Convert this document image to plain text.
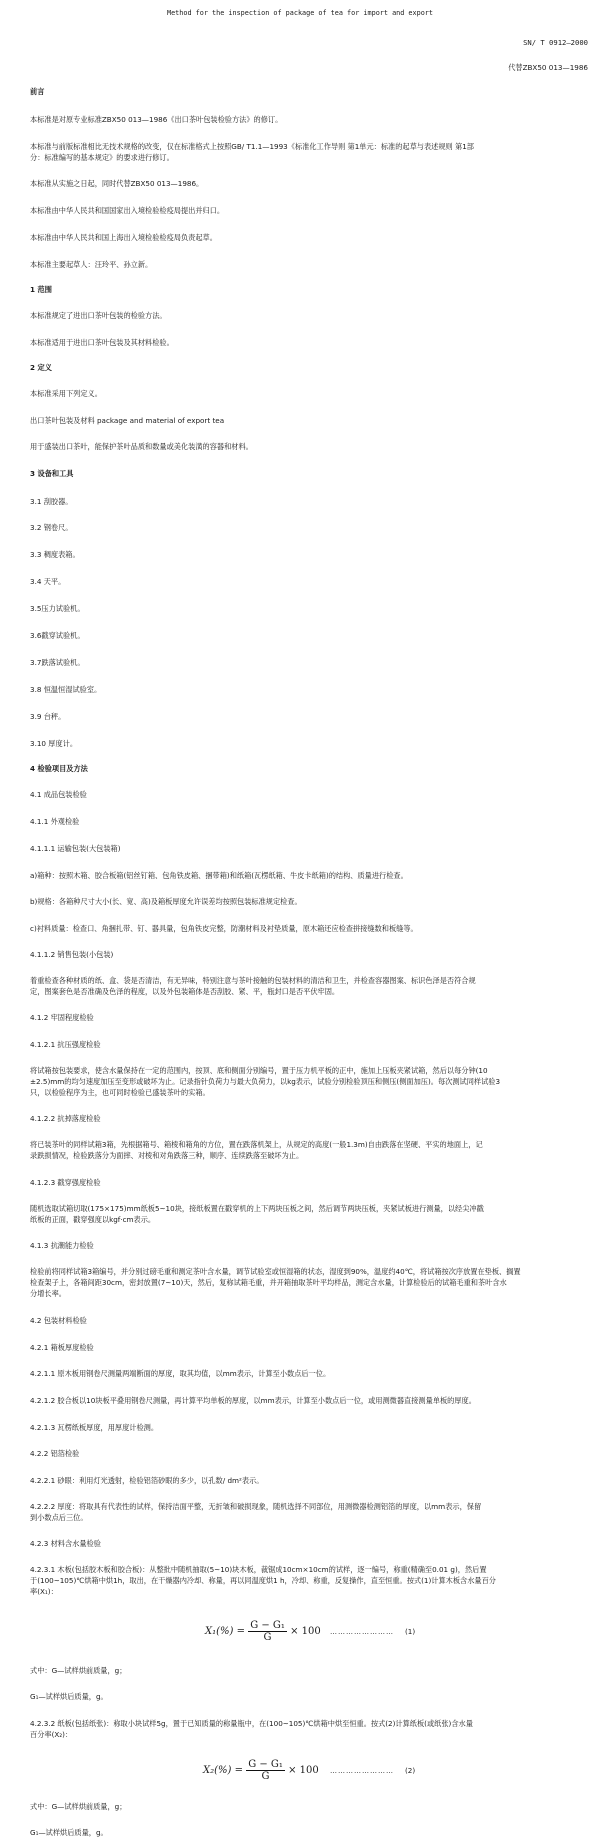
Method for the inspection of package of tea for import and export
SN/ T 0912—2000
代替ZBX50 013—1986
前言
本标准是对原专业标准ZBX50 013—1986《出口茶叶包装检验方法》的修订。
本标准与前版标准相比无技术规格的改变，仅在标准格式上按照GB/ T1.1—1993《标准化工作导则 第1单元：标准的起草与表述规则 第1部
分：标准编写的基本规定》的要求进行修订。
本标准从实施之日起，同时代替ZBX50 013—1986。
本标准由中华人民共和国国家出入境检验检疫局提出并归口。
本标准由中华人民共和国上海出入境检验检疫局负责起草。
本标准主要起草人：汪玲平、孙立新。
1 范围
本标准规定了进出口茶叶包装的检验方法。
本标准适用于进出口茶叶包装及其材料检验。
2 定义
本标准采用下列定义。
出口茶叶包装及材料 package and material of export tea
用于盛装出口茶叶，能保护茶叶品质和数量或美化装潢的容器和材料。
3 设备和工具
3.1 刮胶器。
3.2 钢卷尺。
3.3 稠度表箱。
3.4 天平。
3.5压力试验机。
3.6戳穿试验机。
3.7跌落试验机。
3.8 恒温恒湿试验室。
3.9 台秤。
3.10 厚度计。
4 检验项目及方法
4.1 成品包装检验
4.1.1 外观检验
4.1.1.1 运输包装(大包装箱)
a)箱种：按照木箱、胶合板箱(铝丝钉箱、包角铁皮箱、捆带箱)和纸箱(瓦楞纸箱、牛皮卡纸箱)的结构、质量进行检查。
b)规格：各箱种尺寸大小(长、宽、高)及箱板厚度允许误差均按照包装标准规定检查。
c)衬料质量：检查口、角捆扎带、钉、器具量，包角铁皮完整，防潮材料及衬垫质量，原木箱还应检查拼接缝数和板缝等。
4.1.1.2 销售包装(小包装)
着重检查各种材质的纸、盒、袋是否清洁，有无异味，特别注意与茶叶接触的包装材料的清洁和卫生，并检查容器图案、标识色泽是否符合规
定，图案套色是否准确及色泽的程度，以及外包装箱体是否刮胶、紧、平，瓶封口是否平伏牢固。
4.1.2 牢固程度检验
4.1.2.1 抗压强度检验
将试箱按包装要求，使含水量保持在一定的范围内，按顶、底和侧面分别编号，置于压力机平板的正中，施加上压板夹紧试箱，然后以每分钟(10
±2.5)mm的均匀速度加压至变形或破坏为止。记录指针负荷力与最大负荷力，以kg表示，试验分别检验顶压和侧压(侧面加压)。每次测试同样试验3
只，以检验程序为主，也可同时检验已盛装茶叶的实箱。
4.1.2.2 抗掉落度检验
将已装茶叶的同样试箱3箱，先根据箱号、箱棱和箱角的方位，置在跌落机架上，从规定的高度(一般1.3m)自由跌落在坚硬、平实的地面上，记
录跌损情况，检验跌落分为面摔、对棱和对角跌落三种，顺序、连续跌落至破坏为止。
4.1.2.3 戳穿强度检验
随机选取试箱切取(175×175)mm纸板5~10块，接纸板置在戳穿机的上下两块压板之间，然后调节两块压板，夹紧试板进行测量，以经尖冲戳
纸板的正面，戳穿强度以kgf·cm表示。
4.1.3 抗潮能力检验
检验前将同样试箱3箱编号，并分别过磅毛重和测定茶叶含水量，调节试验室或恒湿箱的状态，湿度到90%，温度约40℃，将试箱按次序放置在垫板、搁置
检查架子上，各箱间距30cm，密封放置(7~10)天，然后，复称试箱毛重，并开箱抽取茶叶平均样品，测定含水量，计算检验后的试箱毛重和茶叶含水
分增长率。
4.2 包装材料检验
4.2.1 箱板厚度检验
4.2.1.1 原木板用钢卷尺测量两端断面的厚度，取其均值，以mm表示，计算至小数点后一位。
4.2.1.2 胶合板以10块板平叠用钢卷尺测量，再计算平均单板的厚度，以mm表示，计算至小数点后一位，或用测微器直接测量单板的厚度。
4.2.1.3 瓦楞纸板厚度，用厚度计检测。
4.2.2 铝箔检验
4.2.2.1 砂眼：利用灯光透射，检验铝箔砂眼的多少，以孔数/ dm²表示。
4.2.2.2 厚度：将取具有代表性的试样，保持洁面平整，无折皱和破损现象，随机选择不同部位，用测微器检测铝箔的厚度，以mm表示，保留
到小数点后三位。
4.2.3 材料含水量检验
4.2.3.1 木板(包括胶木板和胶合板)：从整批中随机抽取(5~10)块木板，裁锯成10cm×10cm的试样，逐一编号，称重(精确至0.01 g)，然后置
于(100~105)℃烘箱中烘1h，取出，在干燥器内冷却、称量，再以同温度烘1 h，冷却、称重，反复操作，直至恒重。按式(1)计算木板含水量百分
率(X₁)：
$X_1(\%) = \frac{\text{G − G₁}}{G} \times 100$ …………………… (1)
式中：G—试样烘前质量，g；
G₁—试样烘后质量，g。
4.2.3.2 纸板(包括纸张)：称取小块试样5g，置于已知质量的称量瓶中，在(100~105)℃烘箱中烘至恒重。按式(2)计算纸板(或纸张)含水量
百分率(X₂)：
$X_2(\%) = \frac{\text{G − G₁}}{G} \times 100$ …………………… (2)
式中：G—试样烘前质量，g；
G₁—试样烘后质量，g。
